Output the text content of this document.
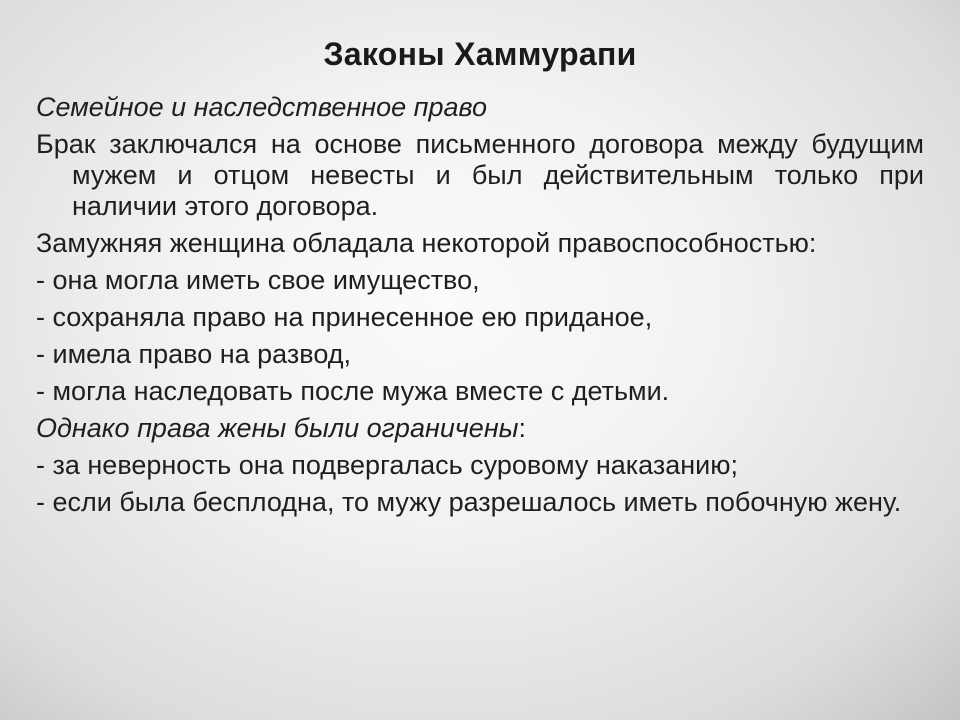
Законы Хаммурапи

Семейное и наследственное право

Брак заключался на основе письменного договора между будущим мужем и отцом невесты и был действительным только при наличии этого договора.

Замужняя женщина обладала некоторой правоспособностью:

- она могла иметь свое имущество,

- сохраняла право на принесенное ею приданое,

- имела право на развод,

- могла наследовать после мужа вместе с детьми.

Однако права жены были ограничены:

- за неверность она подвергалась суровому наказанию;

- если была бесплодна, то мужу разрешалось иметь побочную жену.
